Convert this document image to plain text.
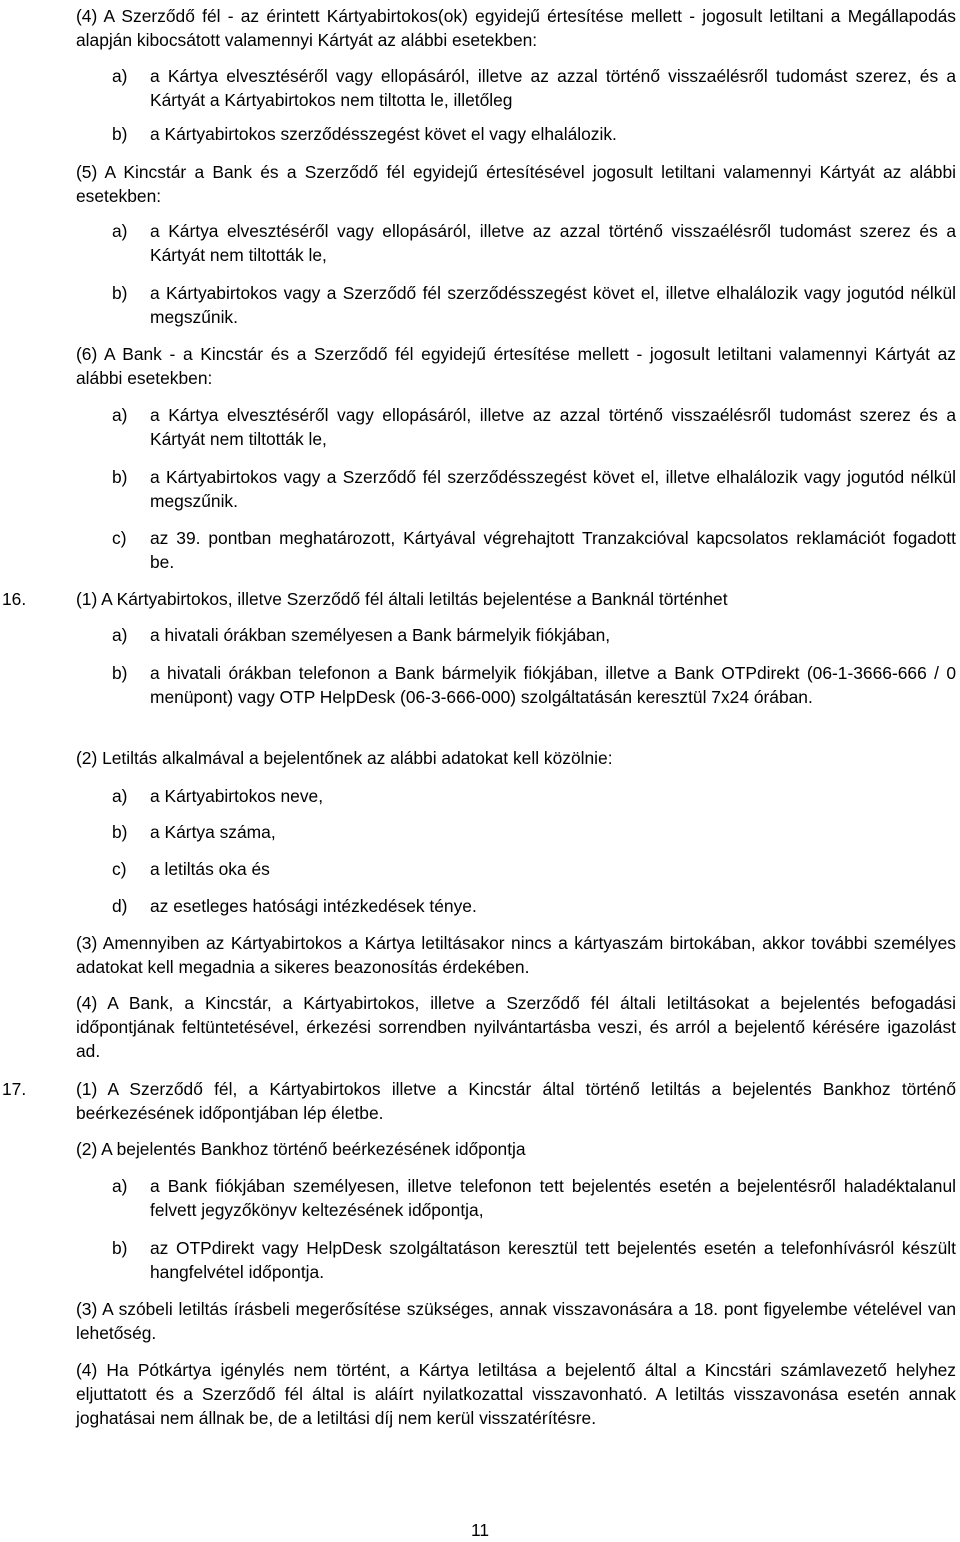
(4) A Szerződő fél - az érintett Kártyabirtokos(ok) egyidejű értesítése mellett - jogosult letiltani a Megállapodás alapján kibocsátott valamennyi Kártyát az alábbi esetekben:

a) a Kártya elvesztéséről vagy ellopásáról, illetve az azzal történő visszaélésről tudomást szerez, és a Kártyát a Kártyabirtokos nem tiltotta le, illetőleg
b) a Kártyabirtokos szerződésszegést követ el vagy elhalálozik.

(5) A Kincstár a Bank és a Szerződő fél egyidejű értesítésével jogosult letiltani valamennyi Kártyát az alábbi esetekben:

a) a Kártya elvesztéséről vagy ellopásáról, illetve az azzal történő visszaélésről tudomást szerez és a Kártyát nem tiltották le,
b) a Kártyabirtokos vagy a Szerződő fél szerződésszegést követ el, illetve elhalálozik vagy jogutód nélkül megszűnik.

(6) A Bank - a Kincstár és a Szerződő fél egyidejű értesítése mellett - jogosult letiltani valamennyi Kártyát az alábbi esetekben:

a) a Kártya elvesztéséről vagy ellopásáról, illetve az azzal történő visszaélésről tudomást szerez és a Kártyát nem tiltották le,
b) a Kártyabirtokos vagy a Szerződő fél szerződésszegést követ el, illetve elhalálozik vagy jogutód nélkül megszűnik.
c) az 39. pontban meghatározott, Kártyával végrehajtott Tranzakcióval kapcsolatos reklamációt fogadott be.
16.	(1) A Kártyabirtokos, illetve Szerződő fél általi letiltás bejelentése a Banknál történhet

a) a hivatali órákban személyesen a Bank bármelyik fiókjában,
b) a hivatali órákban telefonon a Bank bármelyik fiókjában, illetve a Bank OTPdirekt (06-1-3666-666 / 0 menüpont) vagy OTP HelpDesk (06-3-666-000) szolgáltatásán keresztül 7x24 órában.

(2) Letiltás alkalmával a bejelentőnek az alábbi adatokat kell közölnie:

a) a Kártyabirtokos neve,
b) a Kártya száma,
c) a letiltás oka és
d) az esetleges hatósági intézkedések ténye.

(3) Amennyiben az Kártyabirtokos a Kártya letiltásakor nincs a kártyaszám birtokában, akkor további személyes adatokat kell megadnia a sikeres beazonosítás érdekében.

(4) A Bank, a Kincstár, a Kártyabirtokos, illetve a Szerződő fél általi letiltásokat a bejelentés befogadási időpontjának feltüntetésével, érkezési sorrendben nyilvántartásba veszi, és arról a bejelentő kérésére igazolást ad.

17.	(1) A Szerződő fél, a Kártyabirtokos illetve a Kincstár által történő letiltás a bejelentés Bankhoz történő beérkezésének időpontjában lép életbe.

(2) A bejelentés Bankhoz történő beérkezésének időpontja

a) a Bank fiókjában személyesen, illetve telefonon tett bejelentés esetén a bejelentésről haladéktalanul felvett jegyzőkönyv keltezésének időpontja,
b) az OTPdirekt vagy HelpDesk szolgáltatáson keresztül tett bejelentés esetén a telefonhívásról készült hangfelvétel időpontja.

(3) A szóbeli letiltás írásbeli megerősítése szükséges, annak visszavonására a 18. pont figyelembe vételével van lehetőség.

(4) Ha Pótkártya igénylés nem történt, a Kártya letiltása a bejelentő által a Kincstári számlavezető helyhez eljuttatott és a Szerződő fél által is aláírt nyilatkozattal visszavonható. A letiltás visszavonása esetén annak joghatásai nem állnak be, de a letiltási díj nem kerül visszatérítésre.

11
